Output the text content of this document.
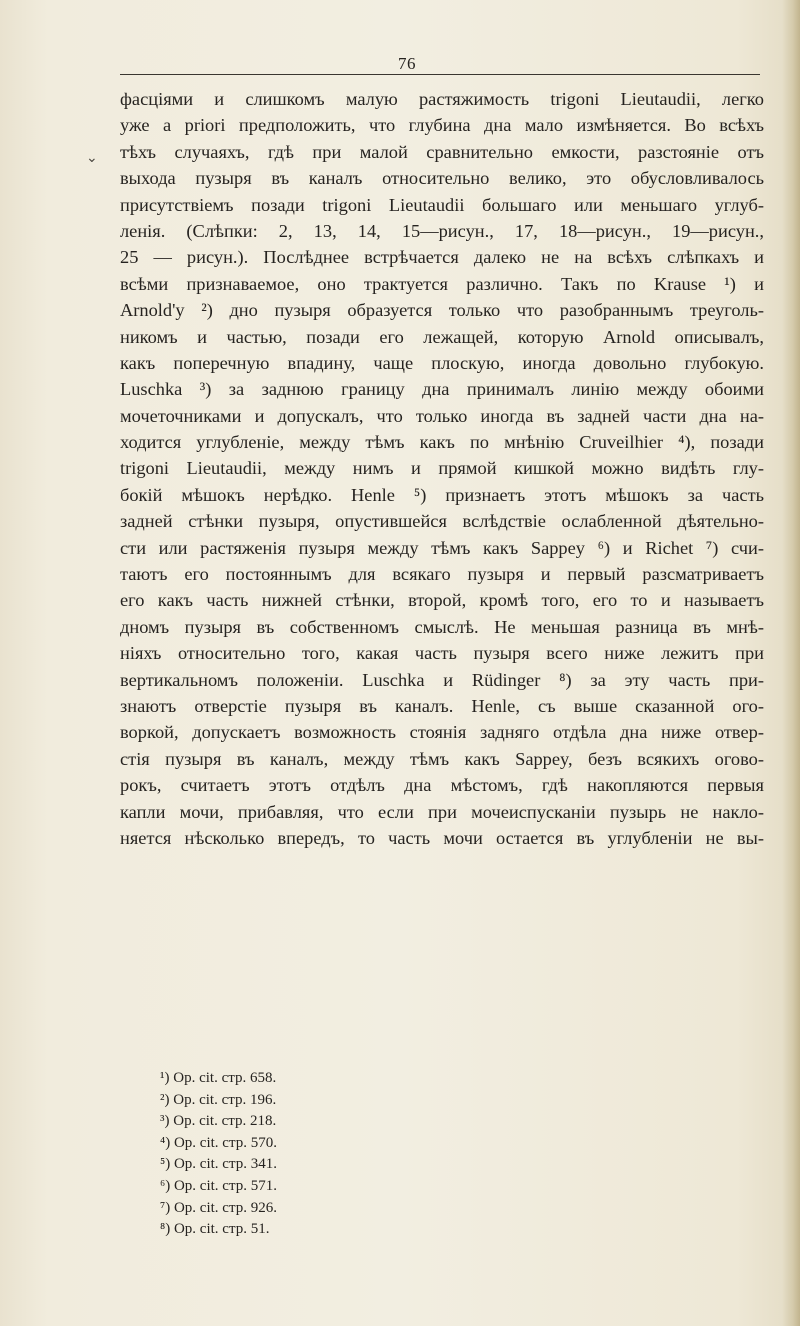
76
⌄
фасціями и слишкомъ малую растяжимость trigoni Lieutaudii, легко
уже а priori предположить, что глубина дна мало измѣняется. Во всѣхъ
тѣхъ случаяхъ, гдѣ при малой сравнительно емкости, разстояніе отъ
выхода пузыря въ каналъ относительно велико, это обусловливалось
присутствіемъ позади trigoni Lieutaudii большаго или меньшаго углуб-
ленія. (Слѣпки: 2, 13, 14, 15—рисун., 17, 18—рисун., 19—рисун.,
25 — рисун.). Послѣднее встрѣчается далеко не на всѣхъ слѣпкахъ и
всѣми признаваемое, оно трактуется различно. Такъ по Krause ¹) и
Arnold'у ²) дно пузыря образуется только что разобраннымъ треуголь-
никомъ и частью, позади его лежащей, которую Arnold описывалъ,
какъ поперечную впадину, чаще плоскую, иногда довольно глубокую.
Luschka ³) за заднюю границу дна принималъ линію между обоими
мочеточниками и допускалъ, что только иногда въ задней части дна на-
ходится углубленіе, между тѣмъ какъ по мнѣнію Cruveilhier ⁴), позади
trigoni Lieutaudii, между нимъ и прямой кишкой можно видѣть глу-
бокій мѣшокъ нерѣдко. Henle ⁵) признаетъ этотъ мѣшокъ за часть
задней стѣнки пузыря, опустившейся вслѣдствіе ослабленной дѣятельно-
сти или растяженія пузыря между тѣмъ какъ Sappey ⁶) и Richet ⁷) счи-
таютъ его постояннымъ для всякаго пузыря и первый разсматриваетъ
его какъ часть нижней стѣнки, второй, кромѣ того, его то и называетъ
дномъ пузыря въ собственномъ смыслѣ. Не меньшая разница въ мнѣ-
ніяхъ относительно того, какая часть пузыря всего ниже лежитъ при
вертикальномъ положеніи. Luschka и Rüdinger ⁸) за эту часть при-
знаютъ отверстіе пузыря въ каналъ. Henle, съ выше сказанной ого-
воркой, допускаетъ возможность стоянія задняго отдѣла дна ниже отвер-
стія пузыря въ каналъ, между тѣмъ какъ Sappey, безъ всякихъ огово-
рокъ, считаетъ этотъ отдѣлъ дна мѣстомъ, гдѣ накопляются первыя
капли мочи, прибавляя, что если при мочеиспусканіи пузырь не накло-
няется нѣсколько впередъ, то часть мочи остается въ углубленіи не вы-
¹) Op. cit. стр. 658.
²) Op. cit. стр. 196.
³) Op. cit. стр. 218.
⁴) Op. cit. стр. 570.
⁵) Op. cit. стр. 341.
⁶) Op. cit. стр. 571.
⁷) Op. cit. стр. 926.
⁸) Op. cit. стр. 51.
